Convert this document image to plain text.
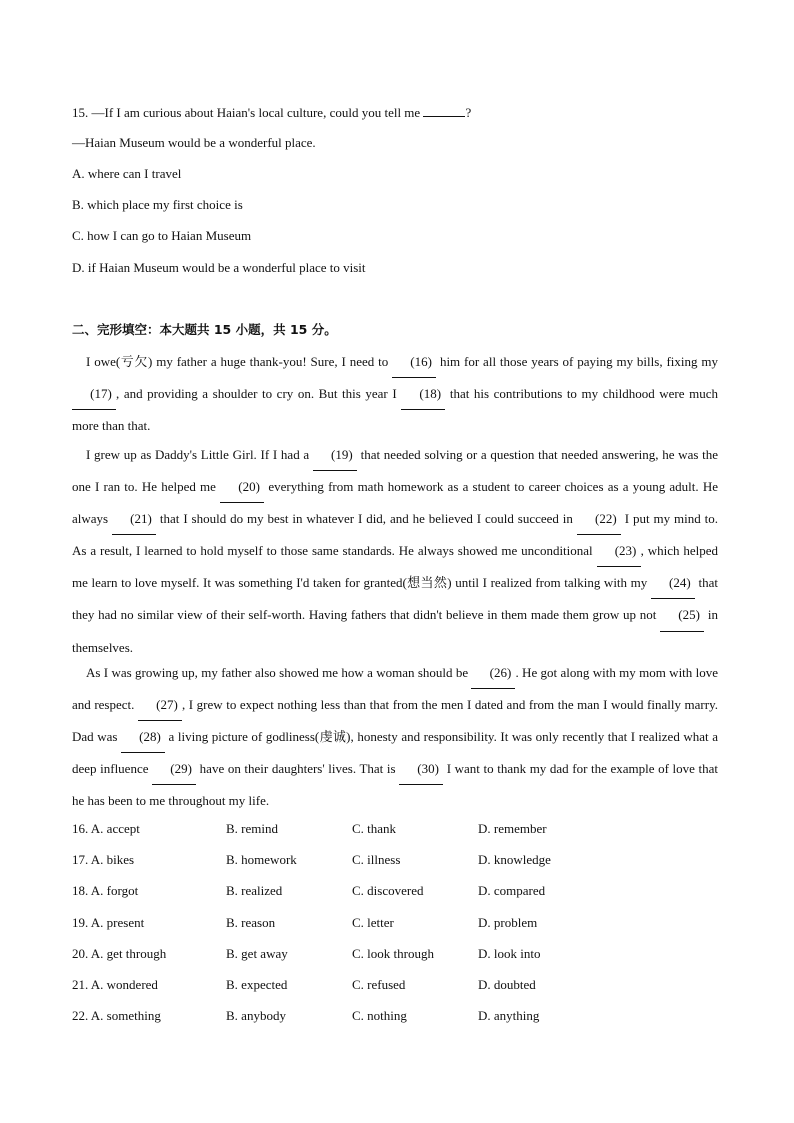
15. —If I am curious about Haian's local culture, could you tell me	?
—Haian Museum would be a wonderful place.
A. where can I travel
B. which place my first choice is
C. how I can go to Haian Museum
D. if Haian Museum would be a wonderful place to visit
二、完形填空：本大题共 15 小题，共 15 分。
I owe(亏欠) my father a huge thank-you! Sure, I need to (16) him for all those years of paying my bills, fixing my (17) , and providing a shoulder to cry on. But this year I (18) that his contributions to my childhood were much more than that.
I grew up as Daddy's Little Girl. If I had a (19) that needed solving or a question that needed answering, he was the one I ran to. He helped me (20) everything from math homework as a student to career choices as a young adult. He always (21) that I should do my best in whatever I did, and he believed I could succeed in (22) I put my mind to. As a result, I learned to hold myself to those same standards. He always showed me unconditional (23) , which helped me learn to love myself. It was something I'd taken for granted(想当然) until I realized from talking with my (24) that they had no similar view of their self-worth. Having fathers that didn't believe in them made them grow up not (25) in themselves.
As I was growing up, my father also showed me how a woman should be (26) . He got along with my mom with love and respect. (27) , I grew to expect nothing less than that from the men I dated and from the man I would finally marry. Dad was (28) a living picture of godliness(虔诚), honesty and responsibility. It was only recently that I realized what a deep influence (29) have on their daughters' lives. That is (30) I want to thank my dad for the example of love that he has been to me throughout my life.
16. A. accept	B. remind	C. thank	D. remember
17. A. bikes	B. homework	C. illness	D. knowledge
18. A. forgot	B. realized	C. discovered	D. compared
19. A. present	B. reason	C. letter	D. problem
20. A. get through	B. get away	C. look through	D. look into
21. A. wondered	B. expected	C. refused	D. doubted
22. A. something	B. anybody	C. nothing	D. anything
